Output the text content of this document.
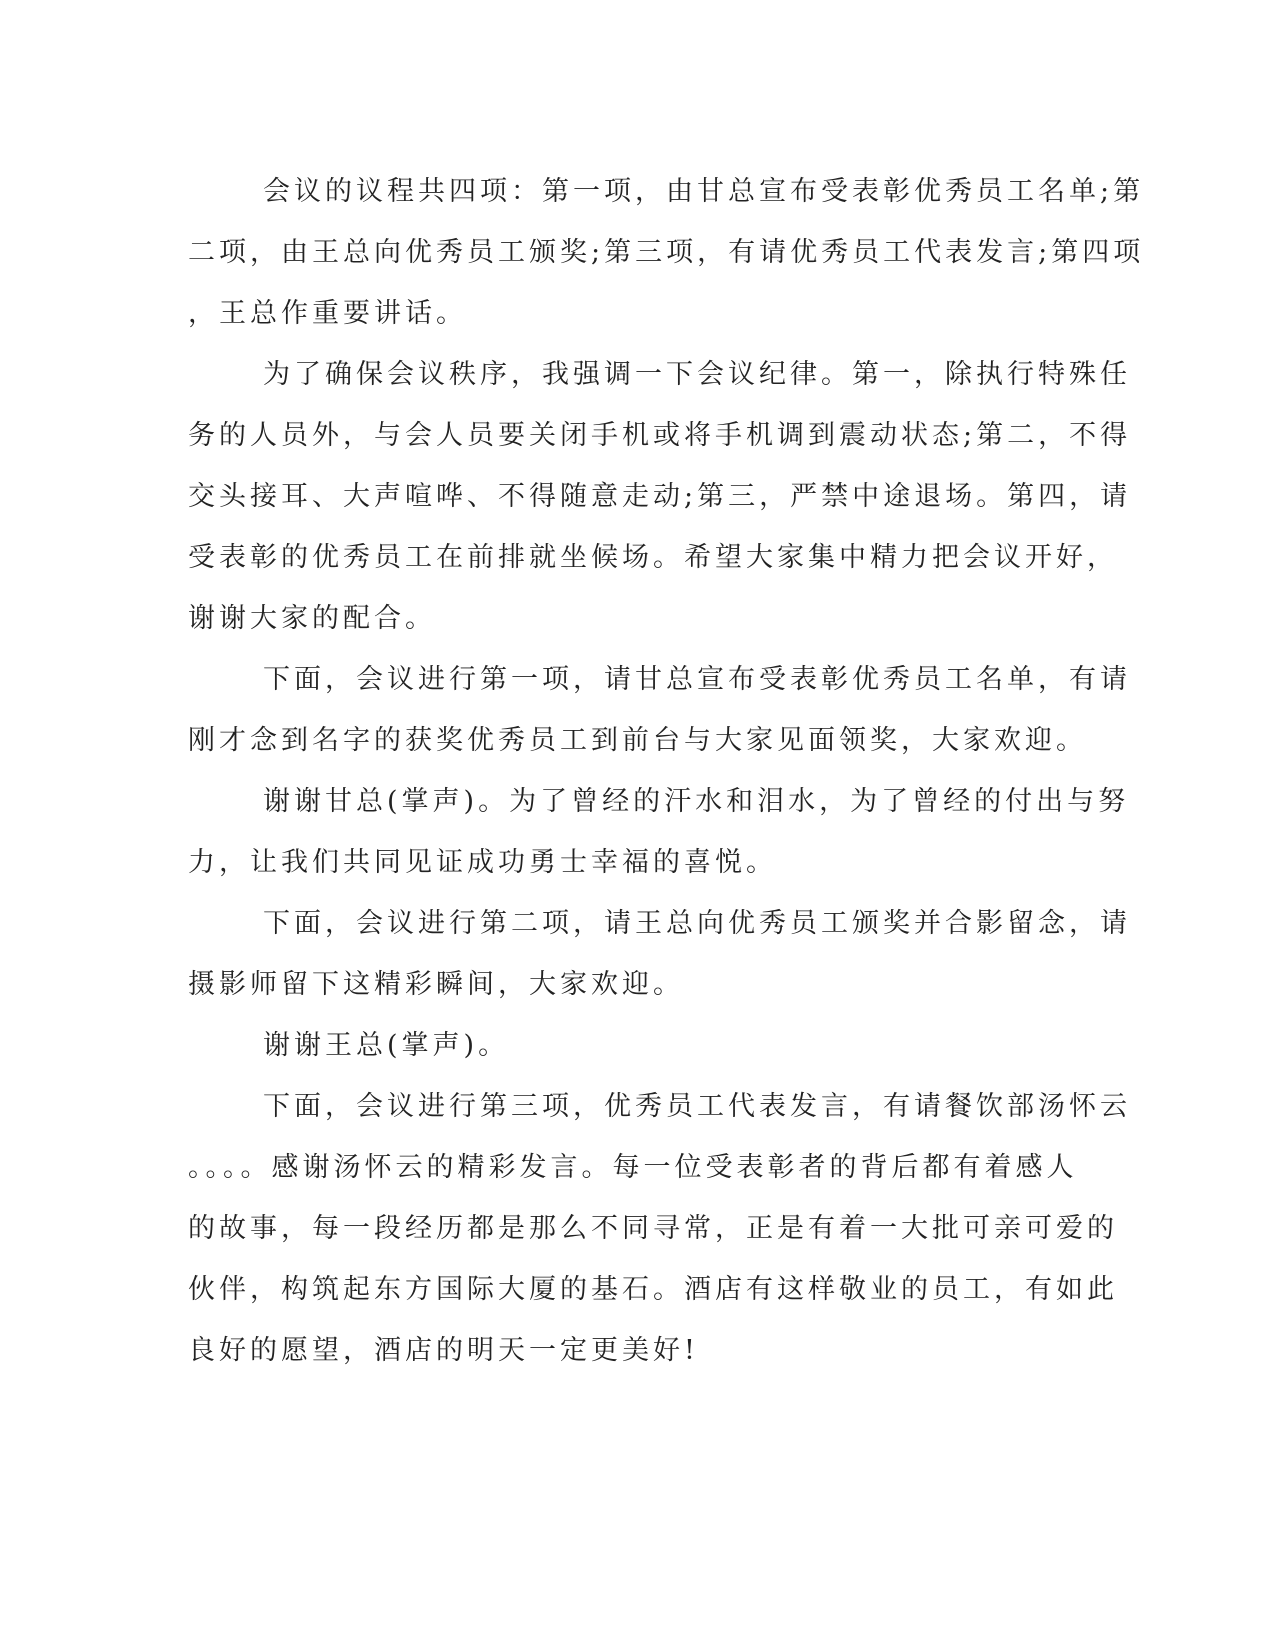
会议的议程共四项：第一项，由甘总宣布受表彰优秀员工名单;第
二项，由王总向优秀员工颁奖;第三项，有请优秀员工代表发言;第四项
，王总作重要讲话。
为了确保会议秩序，我强调一下会议纪律。第一，除执行特殊任
务的人员外，与会人员要关闭手机或将手机调到震动状态;第二，不得
交头接耳、大声喧哗、不得随意走动;第三，严禁中途退场。第四，请
受表彰的优秀员工在前排就坐候场。希望大家集中精力把会议开好，
谢谢大家的配合。
下面，会议进行第一项，请甘总宣布受表彰优秀员工名单，有请
刚才念到名字的获奖优秀员工到前台与大家见面领奖，大家欢迎。
谢谢甘总(掌声)。为了曾经的汗水和泪水，为了曾经的付出与努
力，让我们共同见证成功勇士幸福的喜悦。
下面，会议进行第二项，请王总向优秀员工颁奖并合影留念，请
摄影师留下这精彩瞬间，大家欢迎。
谢谢王总(掌声)。
下面，会议进行第三项，优秀员工代表发言，有请餐饮部汤怀云
。。。。感谢汤怀云的精彩发言。每一位受表彰者的背后都有着感人
的故事，每一段经历都是那么不同寻常，正是有着一大批可亲可爱的
伙伴，构筑起东方国际大厦的基石。酒店有这样敬业的员工，有如此
良好的愿望，酒店的明天一定更美好!
